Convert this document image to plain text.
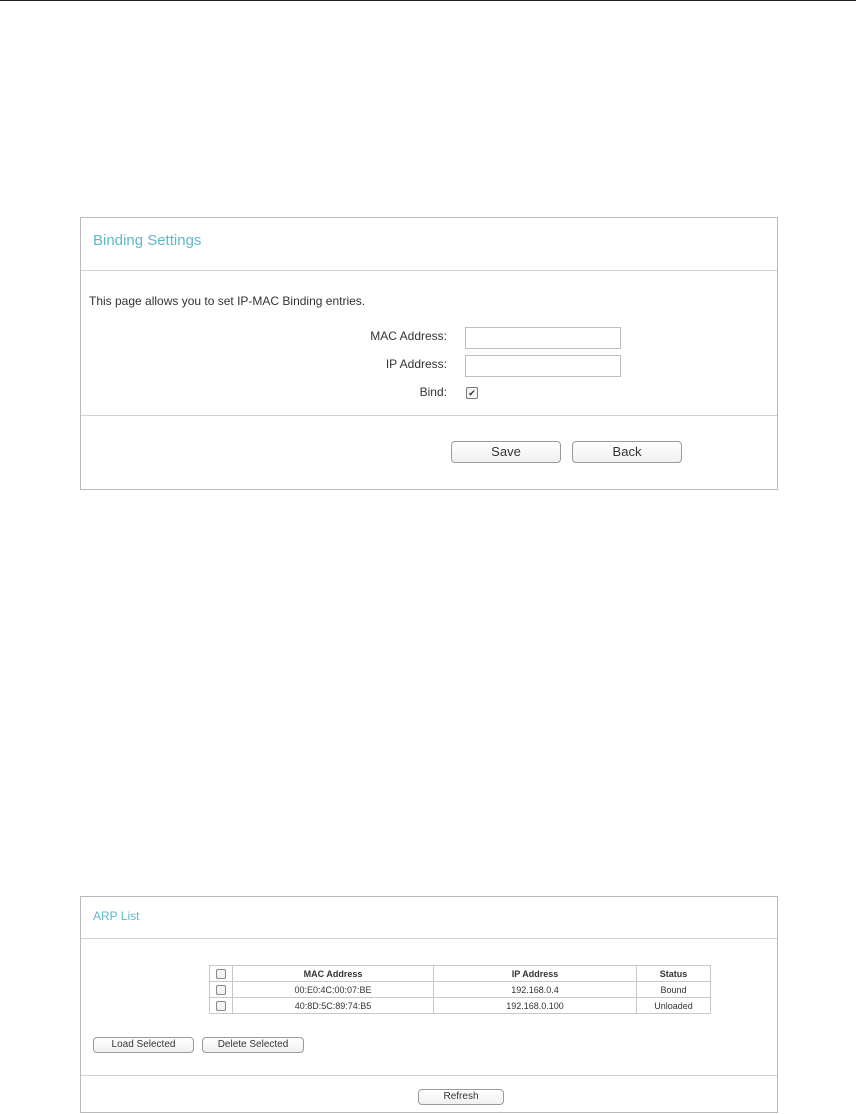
Binding Settings
This page allows you to set IP-MAC Binding entries.
MAC Address:
IP Address:
Bind: ✔
Save	Back
ARP List
	MAC Address	IP Address	Status
	00:E0:4C:00:07:BE	192.168.0.4	Bound
	40:8D:5C:89:74:B5	192.168.0.100	Unloaded
Load Selected	Delete Selected
Refresh
